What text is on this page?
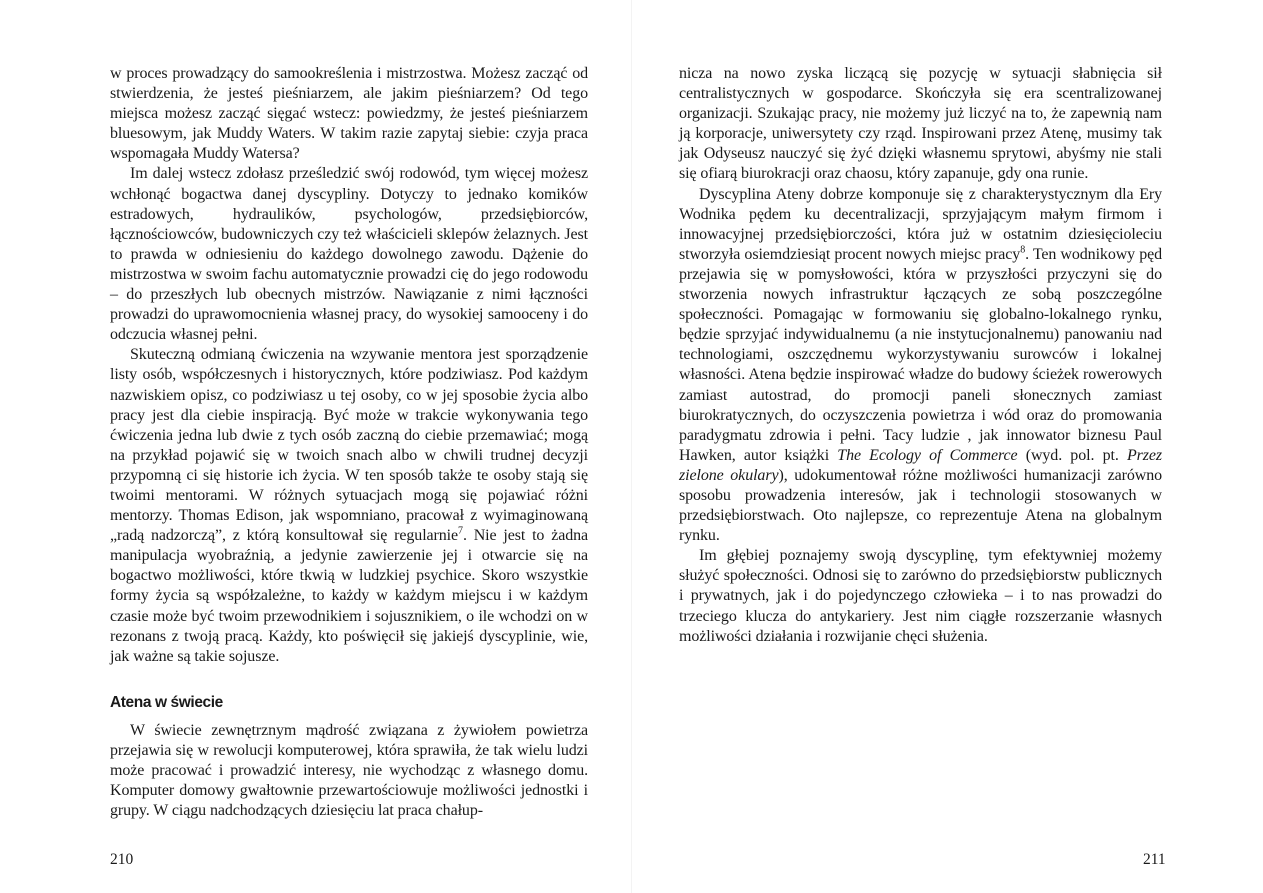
w proces prowadzący do samookreślenia i mistrzostwa. Możesz zacząć od stwierdzenia, że jesteś pieśniarzem, ale jakim pieśniarzem? Od tego miejsca możesz zacząć sięgać wstecz: powiedzmy, że jesteś pieśniarzem bluesowym, jak Muddy Waters. W takim razie zapytaj siebie: czyja praca wspomagała Muddy Watersa?

Im dalej wstecz zdołasz prześledzić swój rodowód, tym więcej możesz wchłonąć bogactwa danej dyscypliny. Dotyczy to jednako komików estradowych, hydraulików, psychologów, przedsiębiorców, łącznościowców, budowniczych czy też właścicieli sklepów żelaznych. Jest to prawda w odniesieniu do każdego dowolnego zawodu. Dążenie do mistrzostwa w swoim fachu automatycznie prowadzi cię do jego rodowodu – do przeszłych lub obecnych mistrzów. Nawiązanie z nimi łączności prowadzi do uprawomocnienia własnej pracy, do wysokiej samooceny i do odczucia własnej pełni.

Skuteczną odmianą ćwiczenia na wzywanie mentora jest sporządzenie listy osób, współczesnych i historycznych, które podziwiasz. Pod każdym nazwiskiem opisz, co podziwiasz u tej osoby, co w jej sposobie życia albo pracy jest dla ciebie inspiracją. Być może w trakcie wykonywania tego ćwiczenia jedna lub dwie z tych osób zaczną do ciebie przemawiać; mogą na przykład pojawić się w twoich snach albo w chwili trudnej decyzji przypomną ci się historie ich życia. W ten sposób także te osoby stają się twoimi mentorami. W różnych sytuacjach mogą się pojawiać różni mentorzy. Thomas Edison, jak wspomniano, pracował z wyimaginowaną „radą nadzorczą”, z którą konsultował się regularnie$^7$. Nie jest to żadna manipulacja wyobraźnią, a jedynie zawierzenie jej i otwarcie się na bogactwo możliwości, które tkwią w ludzkiej psychice. Skoro wszystkie formy życia są współzależne, to każdy w każdym miejscu i w każdym czasie może być twoim przewodnikiem i sojusznikiem, o ile wchodzi on w rezonans z twoją pracą. Każdy, kto poświęcił się jakiejś dyscyplinie, wie, jak ważne są takie sojusze.

Atena w świecie

W świecie zewnętrznym mądrość związana z żywiołem powietrza przejawia się w rewolucji komputerowej, która sprawiła, że tak wielu ludzi może pracować i prowadzić interesy, nie wychodząc z własnego domu. Komputer domowy gwałtownie przewartościowuje możliwości jednostki i grupy. W ciągu nadchodzących dziesięciu lat praca chałup-

210

nicza na nowo zyska liczącą się pozycję w sytuacji słabnięcia sił centralistycznych w gospodarce. Skończyła się era scentralizowanej organizacji. Szukając pracy, nie możemy już liczyć na to, że zapewnią nam ją korporacje, uniwersytety czy rząd. Inspirowani przez Atenę, musimy tak jak Odyseusz nauczyć się żyć dzięki własnemu sprytowi, abyśmy nie stali się ofiarą biurokracji oraz chaosu, który zapanuje, gdy ona runie.

Dyscyplina Ateny dobrze komponuje się z charakterystycznym dla Ery Wodnika pędem ku decentralizacji, sprzyjającym małym firmom i innowacyjnej przedsiębiorczości, która już w ostatnim dziesięcioleciu stworzyła osiemdziesiąt procent nowych miejsc pracy$^8$. Ten wodnikowy pęd przejawia się w pomysłowości, która w przyszłości przyczyni się do stworzenia nowych infrastruktur łączących ze sobą poszczególne społeczności. Pomagając w formowaniu się globalno-lokalnego rynku, będzie sprzyjać indywidualnemu (a nie instytucjonalnemu) panowaniu nad technologiami, oszczędnemu wykorzystywaniu surowców i lokalnej własności. Atena będzie inspirować władze do budowy ścieżek rowerowych zamiast autostrad, do promocji paneli słonecznych zamiast biurokratycznych, do oczyszczenia powietrza i wód oraz do promowania paradygmatu zdrowia i pełni. Tacy ludzie , jak innowator biznesu Paul Hawken, autor książki The Ecology of Commerce (wyd. pol. pt. Przez zielone okulary), udokumentował różne możliwości humanizacji zarówno sposobu prowadzenia interesów, jak i technologii stosowanych w przedsiębiorstwach. Oto najlepsze, co reprezentuje Atena na globalnym rynku.

Im głębiej poznajemy swoją dyscyplinę, tym efektywniej możemy służyć społeczności. Odnosi się to zarówno do przedsiębiorstw publicznych i prywatnych, jak i do pojedynczego człowieka – i to nas prowadzi do trzeciego klucza do antykariery. Jest nim ciągłe rozszerzanie własnych możliwości działania i rozwijanie chęci służenia.

211
